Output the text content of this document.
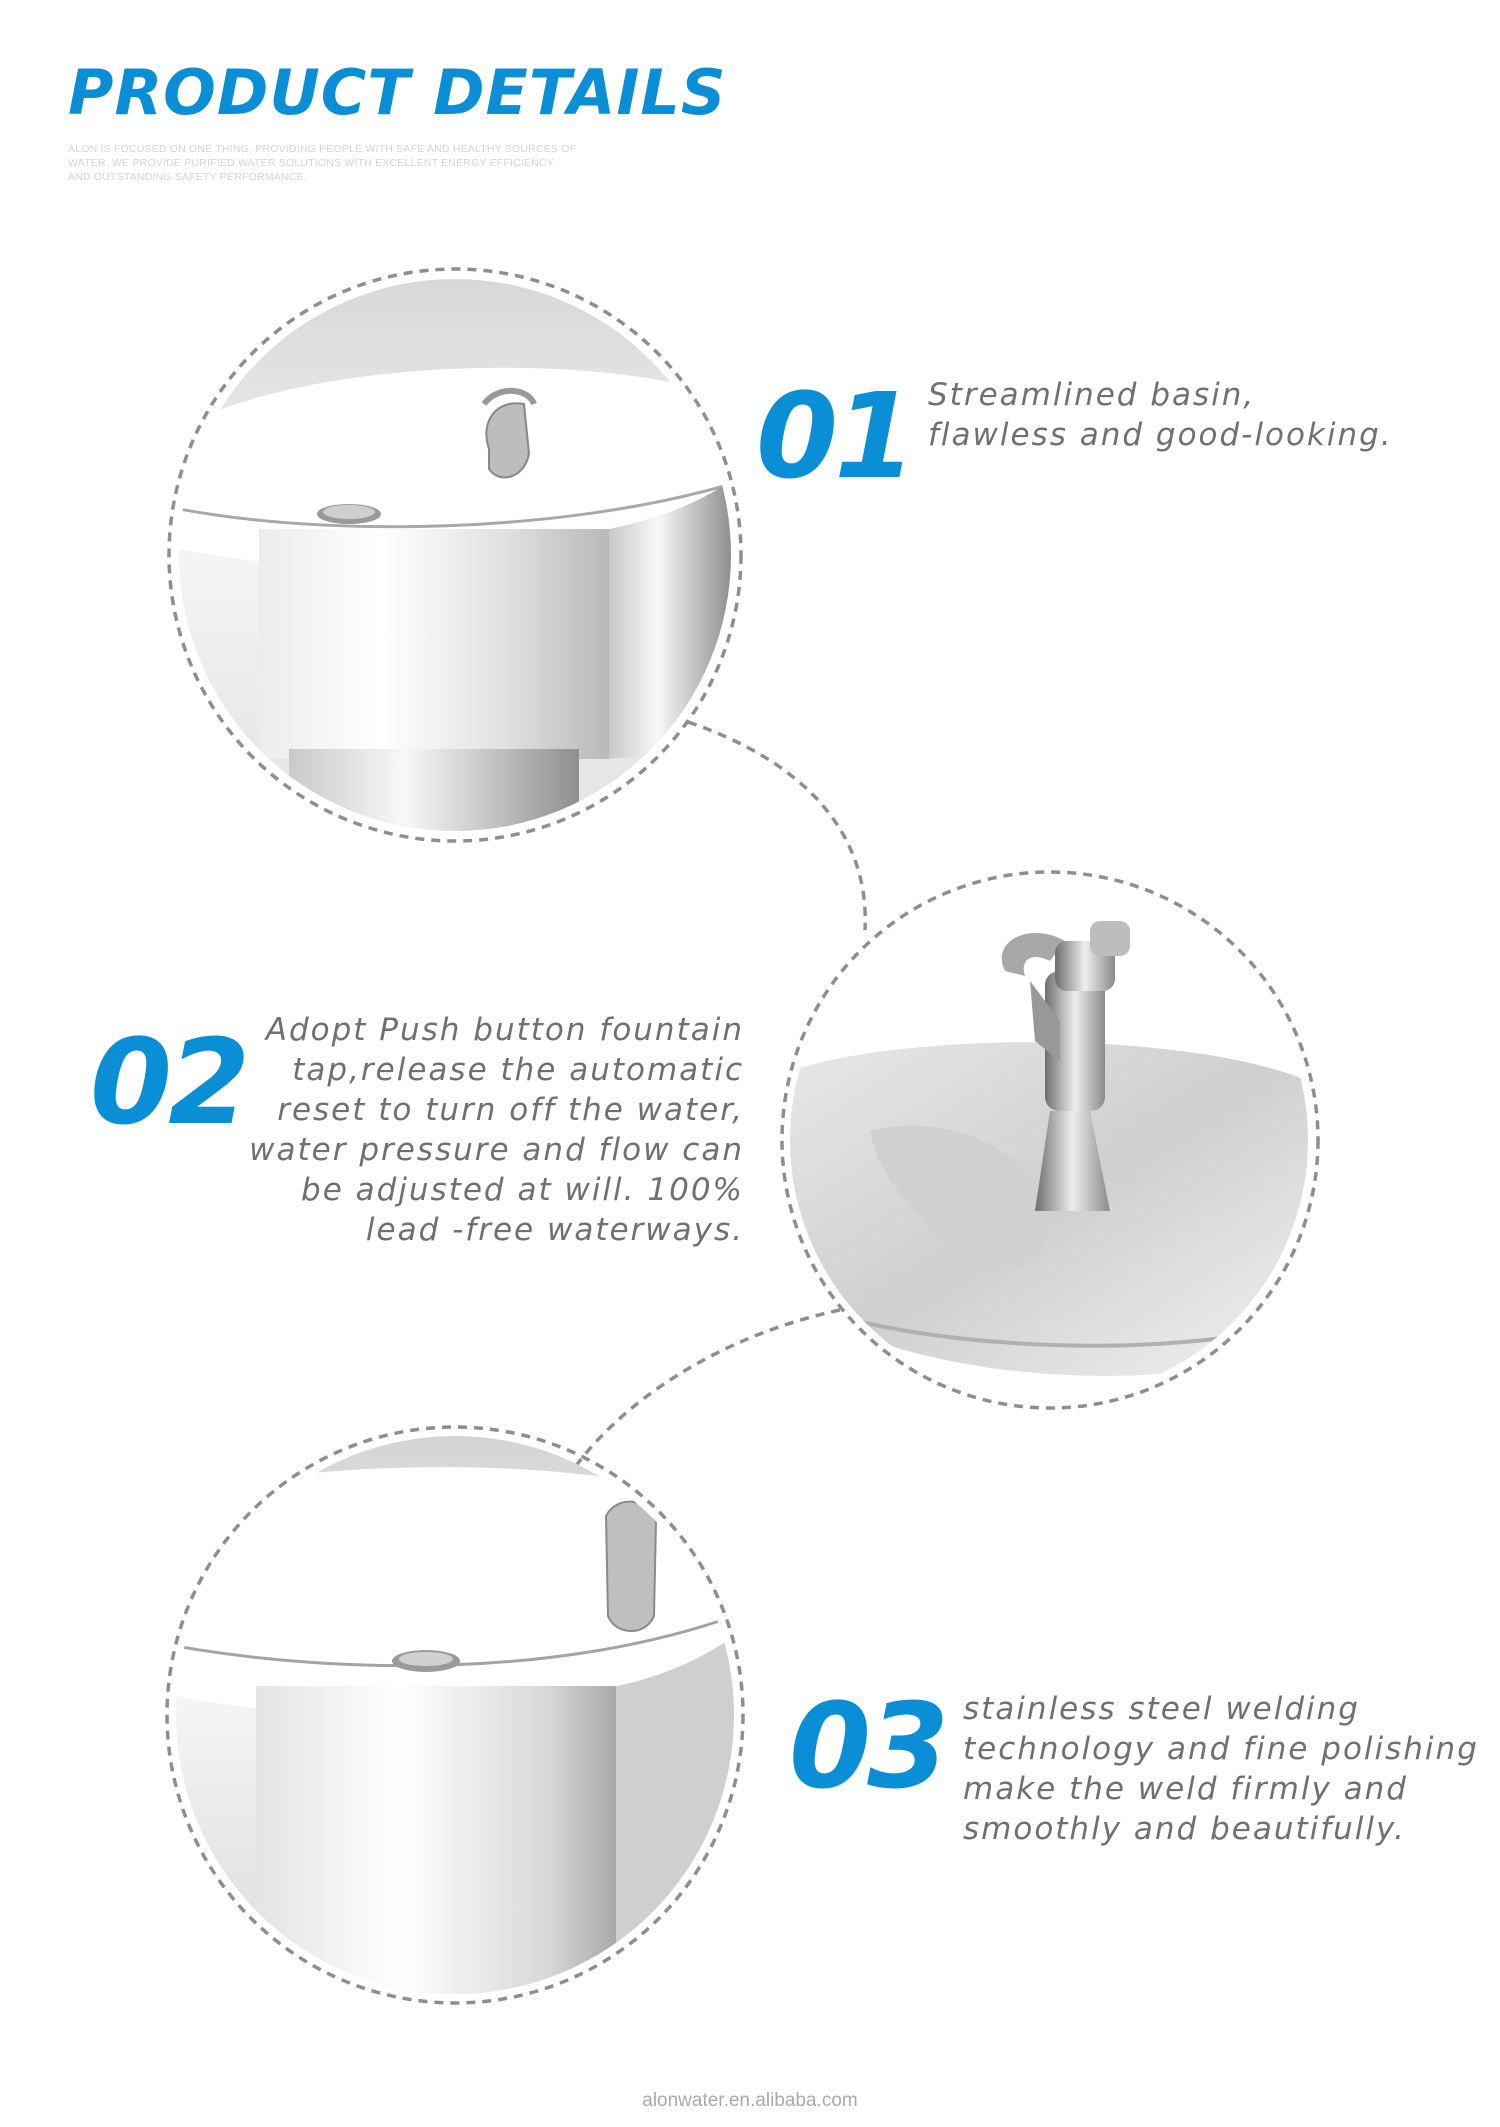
PRODUCT DETAILS
ALON IS FOCUSED ON ONE THING, PROVIDING PEOPLE WITH SAFE AND HEALTHY SOURCES OF
WATER. WE PROVIDE PURIFIED WATER SOLUTIONS WITH EXCELLENT ENERGY EFFICIENCY
AND OUTSTANDING SAFETY PERFORMANCE.
01 Streamlined basin,
flawless and good-looking.
02 Adopt Push button fountain
tap,release the automatic
reset to turn off the water,
water pressure and flow can
be adjusted at will. 100%
lead -free waterways.
03 stainless steel welding
technology and fine polishing
make the weld firmly and
smoothly and beautifully.
alonwater.en.alibaba.com
